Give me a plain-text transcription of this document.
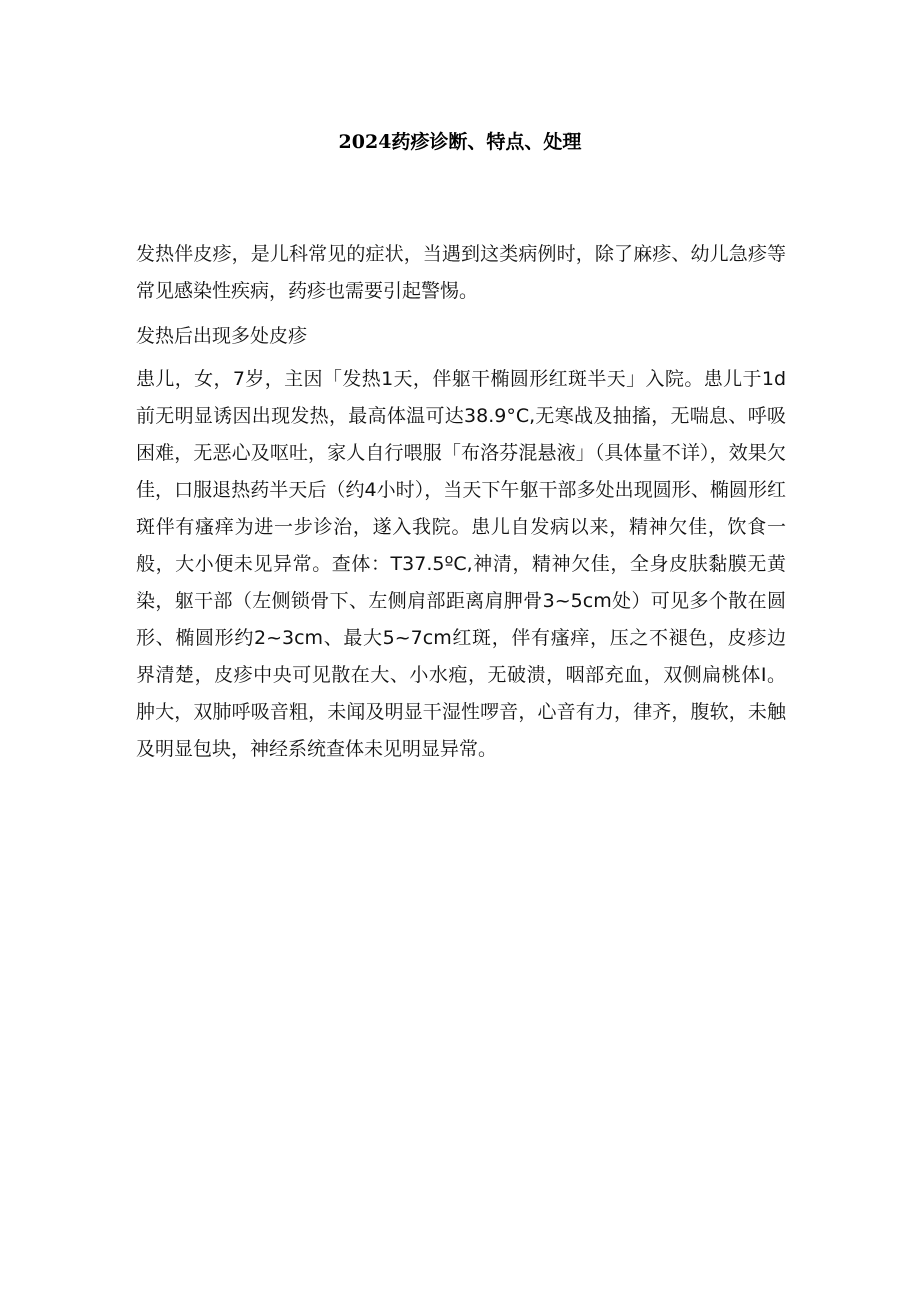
2024药疹诊断、特点、处理

发热伴皮疹，是儿科常见的症状，当遇到这类病例时，除了麻疹、幼儿急疹等常见感染性疾病，药疹也需要引起警惕。

发热后出现多处皮疹

患儿，女，7岁，主因「发热1天，伴躯干椭圆形红斑半天」入院。患儿于1d前无明显诱因出现发热，最高体温可达38.9°C,无寒战及抽搐，无喘息、呼吸困难，无恶心及呕吐，家人自行喂服「布洛芬混悬液」（具体量不详），效果欠佳，口服退热药半天后（约4小时），当天下午躯干部多处出现圆形、椭圆形红斑伴有瘙痒为进一步诊治，遂入我院。患儿自发病以来，精神欠佳，饮食一般，大小便未见异常。查体：T37.5ºC,神清，精神欠佳，全身皮肤黏膜无黄染，躯干部（左侧锁骨下、左侧肩部距离肩胛骨3~5cm处）可见多个散在圆形、椭圆形约2~3cm、最大5~7cm红斑，伴有瘙痒，压之不褪色，皮疹边界清楚，皮疹中央可见散在大、小水疱，无破溃，咽部充血，双侧扁桃体I。肿大，双肺呼吸音粗，未闻及明显干湿性啰音，心音有力，律齐，腹软，未触及明显包块，神经系统查体未见明显异常。
